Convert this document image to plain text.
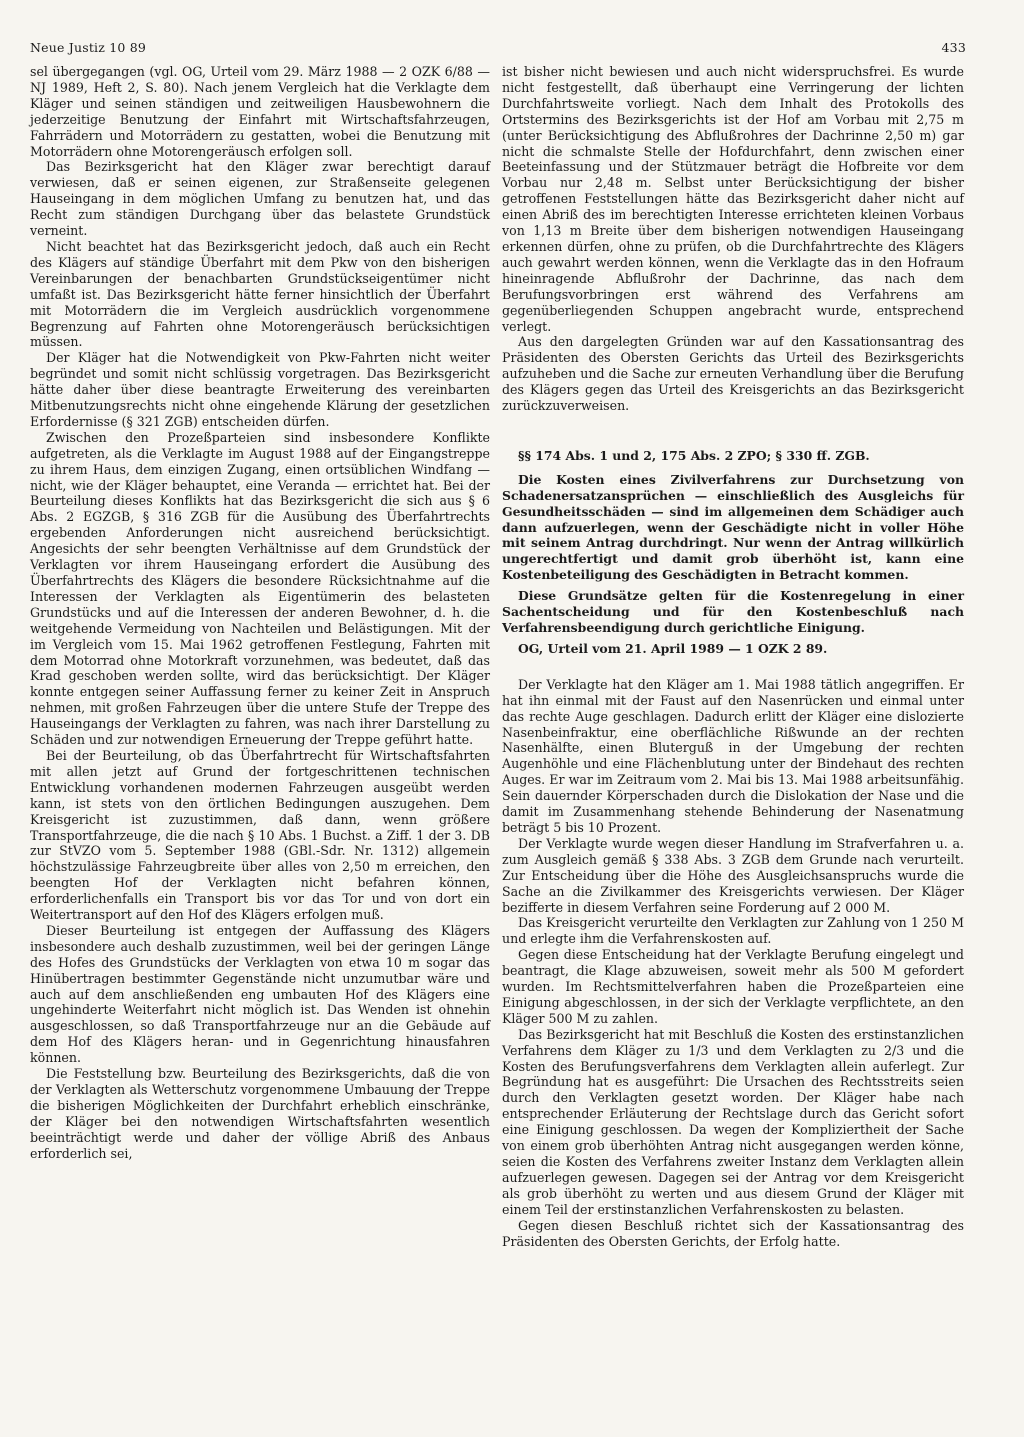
Neue Justiz 10 89	433

sel übergegangen (vgl. OG, Urteil vom 29. März 1988 — 2 OZK 6/88 — NJ 1989, Heft 2, S. 80). Nach jenem Vergleich hat die Verklagte dem Kläger und seinen ständigen und zeitweiligen Hausbewohnern die jederzeitige Benutzung der Einfahrt mit Wirtschaftsfahrzeugen, Fahrrädern und Motorrädern zu gestatten, wobei die Benutzung mit Motorrädern ohne Motorengeräusch erfolgen soll.

Das Bezirksgericht hat den Kläger zwar berechtigt darauf verwiesen, daß er seinen eigenen, zur Straßenseite gelegenen Hauseingang in dem möglichen Umfang zu benutzen hat, und das Recht zum ständigen Durchgang über das belastete Grundstück verneint.

Nicht beachtet hat das Bezirksgericht jedoch, daß auch ein Recht des Klägers auf ständige Überfahrt mit dem Pkw von den bisherigen Vereinbarungen der benachbarten Grundstückseigentümer nicht umfaßt ist. Das Bezirksgericht hätte ferner hinsichtlich der Überfahrt mit Motorrädern die im Vergleich ausdrücklich vorgenommene Begrenzung auf Fahrten ohne Motorengeräusch berücksichtigen müssen.

Der Kläger hat die Notwendigkeit von Pkw-Fahrten nicht weiter begründet und somit nicht schlüssig vorgetragen. Das Bezirksgericht hätte daher über diese beantragte Erweiterung des vereinbarten Mitbenutzungsrechts nicht ohne eingehende Klärung der gesetzlichen Erfordernisse (§ 321 ZGB) entscheiden dürfen.

Zwischen den Prozeßparteien sind insbesondere Konflikte aufgetreten, als die Verklagte im August 1988 auf der Eingangstreppe zu ihrem Haus, dem einzigen Zugang, einen ortsüblichen Windfang — nicht, wie der Kläger behauptet, eine Veranda — errichtet hat. Bei der Beurteilung dieses Konflikts hat das Bezirksgericht die sich aus § 6 Abs. 2 EGZGB, § 316 ZGB für die Ausübung des Überfahrtrechts ergebenden Anforderungen nicht ausreichend berücksichtigt. Angesichts der sehr beengten Verhältnisse auf dem Grundstück der Verklagten vor ihrem Hauseingang erfordert die Ausübung des Überfahrtrechts des Klägers die besondere Rücksichtnahme auf die Interessen der Verklagten als Eigentümerin des belasteten Grundstücks und auf die Interessen der anderen Bewohner, d. h. die weitgehende Vermeidung von Nachteilen und Belästigungen. Mit der im Vergleich vom 15. Mai 1962 getroffenen Festlegung, Fahrten mit dem Motorrad ohne Motorkraft vorzunehmen, was bedeutet, daß das Krad geschoben werden sollte, wird das berücksichtigt. Der Kläger konnte entgegen seiner Auffassung ferner zu keiner Zeit in Anspruch nehmen, mit großen Fahrzeugen über die untere Stufe der Treppe des Hauseingangs der Verklagten zu fahren, was nach ihrer Darstellung zu Schäden und zur notwendigen Erneuerung der Treppe geführt hatte.

Bei der Beurteilung, ob das Überfahrtrecht für Wirtschaftsfahrten mit allen jetzt auf Grund der fortgeschrittenen technischen Entwicklung vorhandenen modernen Fahrzeugen ausgeübt werden kann, ist stets von den örtlichen Bedingungen auszugehen. Dem Kreisgericht ist zuzustimmen, daß dann, wenn größere Transportfahrzeuge, die die nach § 10 Abs. 1 Buchst. a Ziff. 1 der 3. DB zur StVZO vom 5. September 1988 (GBl.-Sdr. Nr. 1312) allgemein höchstzulässige Fahrzeugbreite über alles von 2,50 m erreichen, den beengten Hof der Verklagten nicht befahren können, erforderlichenfalls ein Transport bis vor das Tor und von dort ein Weitertransport auf den Hof des Klägers erfolgen muß.

Dieser Beurteilung ist entgegen der Auffassung des Klägers insbesondere auch deshalb zuzustimmen, weil bei der geringen Länge des Hofes des Grundstücks der Verklagten von etwa 10 m sogar das Hinübertragen bestimmter Gegenstände nicht unzumutbar wäre und auch auf dem anschließenden eng umbauten Hof des Klägers eine ungehinderte Weiterfahrt nicht möglich ist. Das Wenden ist ohnehin ausgeschlossen, so daß Transportfahrzeuge nur an die Gebäude auf dem Hof des Klägers heran- und in Gegenrichtung hinausfahren können.

Die Feststellung bzw. Beurteilung des Bezirksgerichts, daß die von der Verklagten als Wetterschutz vorgenommene Umbauung der Treppe die bisherigen Möglichkeiten der Durchfahrt erheblich einschränke, der Kläger bei den notwendigen Wirtschaftsfahrten wesentlich beeinträchtigt werde und daher der völlige Abriß des Anbaus erforderlich sei,

ist bisher nicht bewiesen und auch nicht widerspruchsfrei. Es wurde nicht festgestellt, daß überhaupt eine Verringerung der lichten Durchfahrtsweite vorliegt. Nach dem Inhalt des Protokolls des Ortstermins des Bezirksgerichts ist der Hof am Vorbau mit 2,75 m (unter Berücksichtigung des Abflußrohres der Dachrinne 2,50 m) gar nicht die schmalste Stelle der Hofdurchfahrt, denn zwischen einer Beeteinfassung und der Stützmauer beträgt die Hofbreite vor dem Vorbau nur 2,48 m. Selbst unter Berücksichtigung der bisher getroffenen Feststellungen hätte das Bezirksgericht daher nicht auf einen Abriß des im berechtigten Interesse errichteten kleinen Vorbaus von 1,13 m Breite über dem bisherigen notwendigen Hauseingang erkennen dürfen, ohne zu prüfen, ob die Durchfahrtrechte des Klägers auch gewahrt werden können, wenn die Verklagte das in den Hofraum hineinragende Abflußrohr der Dachrinne, das nach dem Berufungsvorbringen erst während des Verfahrens am gegenüberliegenden Schuppen angebracht wurde, entsprechend verlegt.

Aus den dargelegten Gründen war auf den Kassationsantrag des Präsidenten des Obersten Gerichts das Urteil des Bezirksgerichts aufzuheben und die Sache zur erneuten Verhandlung über die Berufung des Klägers gegen das Urteil des Kreisgerichts an das Bezirksgericht zurückzuverweisen.

§§ 174 Abs. 1 und 2, 175 Abs. 2 ZPO; § 330 ff. ZGB.

Die Kosten eines Zivilverfahrens zur Durchsetzung von Schadenersatzansprüchen — einschließlich des Ausgleichs für Gesundheitsschäden — sind im allgemeinen dem Schädiger auch dann aufzuerlegen, wenn der Geschädigte nicht in voller Höhe mit seinem Antrag durchdringt. Nur wenn der Antrag willkürlich ungerechtfertigt und damit grob überhöht ist, kann eine Kostenbeteiligung des Geschädigten in Betracht kommen.

Diese Grundsätze gelten für die Kostenregelung in einer Sachentscheidung und für den Kostenbeschluß nach Verfahrensbeendigung durch gerichtliche Einigung.

OG, Urteil vom 21. April 1989 — 1 OZK 2 89.

Der Verklagte hat den Kläger am 1. Mai 1988 tätlich angegriffen. Er hat ihn einmal mit der Faust auf den Nasenrücken und einmal unter das rechte Auge geschlagen. Dadurch erlitt der Kläger eine dislozierte Nasenbeinfraktur, eine oberflächliche Rißwunde an der rechten Nasenhälfte, einen Bluterguß in der Umgebung der rechten Augenhöhle und eine Flächenblutung unter der Bindehaut des rechten Auges. Er war im Zeitraum vom 2. Mai bis 13. Mai 1988 arbeitsunfähig. Sein dauernder Körperschaden durch die Dislokation der Nase und die damit im Zusammenhang stehende Behinderung der Nasenatmung beträgt 5 bis 10 Prozent.

Der Verklagte wurde wegen dieser Handlung im Strafverfahren u. a. zum Ausgleich gemäß § 338 Abs. 3 ZGB dem Grunde nach verurteilt. Zur Entscheidung über die Höhe des Ausgleichsanspruchs wurde die Sache an die Zivilkammer des Kreisgerichts verwiesen. Der Kläger bezifferte in diesem Verfahren seine Forderung auf 2 000 M.

Das Kreisgericht verurteilte den Verklagten zur Zahlung von 1 250 M und erlegte ihm die Verfahrenskosten auf.

Gegen diese Entscheidung hat der Verklagte Berufung eingelegt und beantragt, die Klage abzuweisen, soweit mehr als 500 M gefordert wurden. Im Rechtsmittelverfahren haben die Prozeßparteien eine Einigung abgeschlossen, in der sich der Verklagte verpflichtete, an den Kläger 500 M zu zahlen.

Das Bezirksgericht hat mit Beschluß die Kosten des erstinstanzlichen Verfahrens dem Kläger zu 1/3 und dem Verklagten zu 2/3 und die Kosten des Berufungsverfahrens dem Verklagten allein auferlegt. Zur Begründung hat es ausgeführt: Die Ursachen des Rechtsstreits seien durch den Verklagten gesetzt worden. Der Kläger habe nach entsprechender Erläuterung der Rechtslage durch das Gericht sofort eine Einigung geschlossen. Da wegen der Kompliziertheit der Sache von einem grob überhöhten Antrag nicht ausgegangen werden könne, seien die Kosten des Verfahrens zweiter Instanz dem Verklagten allein aufzuerlegen gewesen. Dagegen sei der Antrag vor dem Kreisgericht als grob überhöht zu werten und aus diesem Grund der Kläger mit einem Teil der erstinstanzlichen Verfahrenskosten zu belasten.

Gegen diesen Beschluß richtet sich der Kassationsantrag des Präsidenten des Obersten Gerichts, der Erfolg hatte.
